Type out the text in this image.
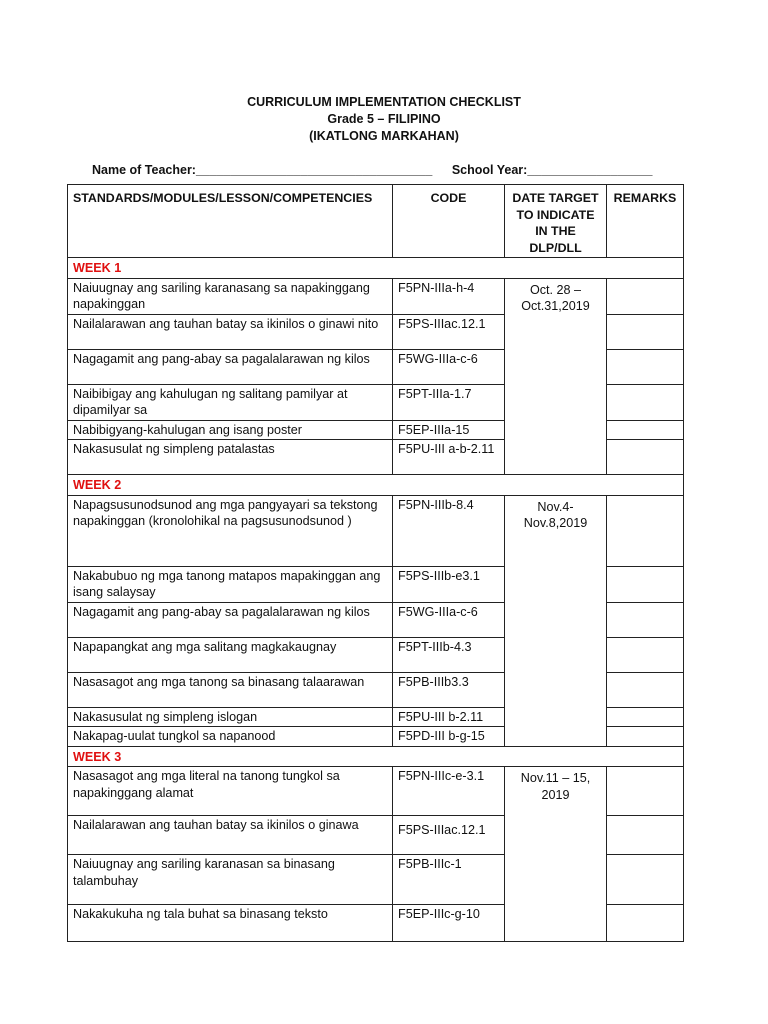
CURRICULUM IMPLEMENTATION CHECKLIST
Grade 5 – FILIPINO
(IKATLONG MARKAHAN)
Name of Teacher:__________________________________ School Year:__________________
STANDARDS/MODULES/LESSON/COMPETENCIES	CODE	DATE TARGET TO INDICATE IN THE DLP/DLL	REMARKS
WEEK 1			
Naiuugnay ang sariling karanasang sa napakinggang napakinggan	F5PN-IIIa-h-4	Oct. 28 – Oct.31,2019	
Nailalarawan ang tauhan batay sa ikinilos o ginawi nito	F5PS-IIIac.12.1		
Nagagamit ang pang-abay sa pagalalarawan ng kilos	F5WG-IIIa-c-6		
Naibibigay ang kahulugan ng salitang pamilyar at dipamilyar sa	F5PT-IIIa-1.7		
Nabibigyang-kahulugan ang isang poster	F5EP-IIIa-15		
Nakasusulat ng simpleng patalastas	F5PU-III a-b-2.11		
WEEK 2			
Napagsusunodsunod ang mga pangyayari sa tekstong napakinggan (kronolohikal na pagsusunodsunod )	F5PN-IIIb-8.4	Nov.4-Nov.8,2019	
Nakabubuo ng mga tanong matapos mapakinggan ang isang salaysay	F5PS-IIIb-e3.1		
Nagagamit ang pang-abay sa pagalalarawan ng kilos	F5WG-IIIa-c-6		
Napapangkat ang mga salitang magkakaugnay	F5PT-IIIb-4.3		
Nasasagot ang mga tanong sa binasang talaarawan	F5PB-IIIb3.3		
Nakasusulat ng simpleng islogan	F5PU-III b-2.11		
Nakapag-uulat tungkol sa napanood	F5PD-III b-g-15		
WEEK 3			
Nasasagot ang mga literal na tanong tungkol sa napakinggang alamat	F5PN-IIIc-e-3.1	Nov.11 – 15, 2019	
Nailalarawan ang tauhan batay sa ikinilos o ginawa	F5PS-IIIac.12.1		
Naiuugnay ang sariling karanasan sa binasang talambuhay	F5PB-IIIc-1		
Nakakukuha ng tala buhat sa binasang teksto	F5EP-IIIc-g-10		
